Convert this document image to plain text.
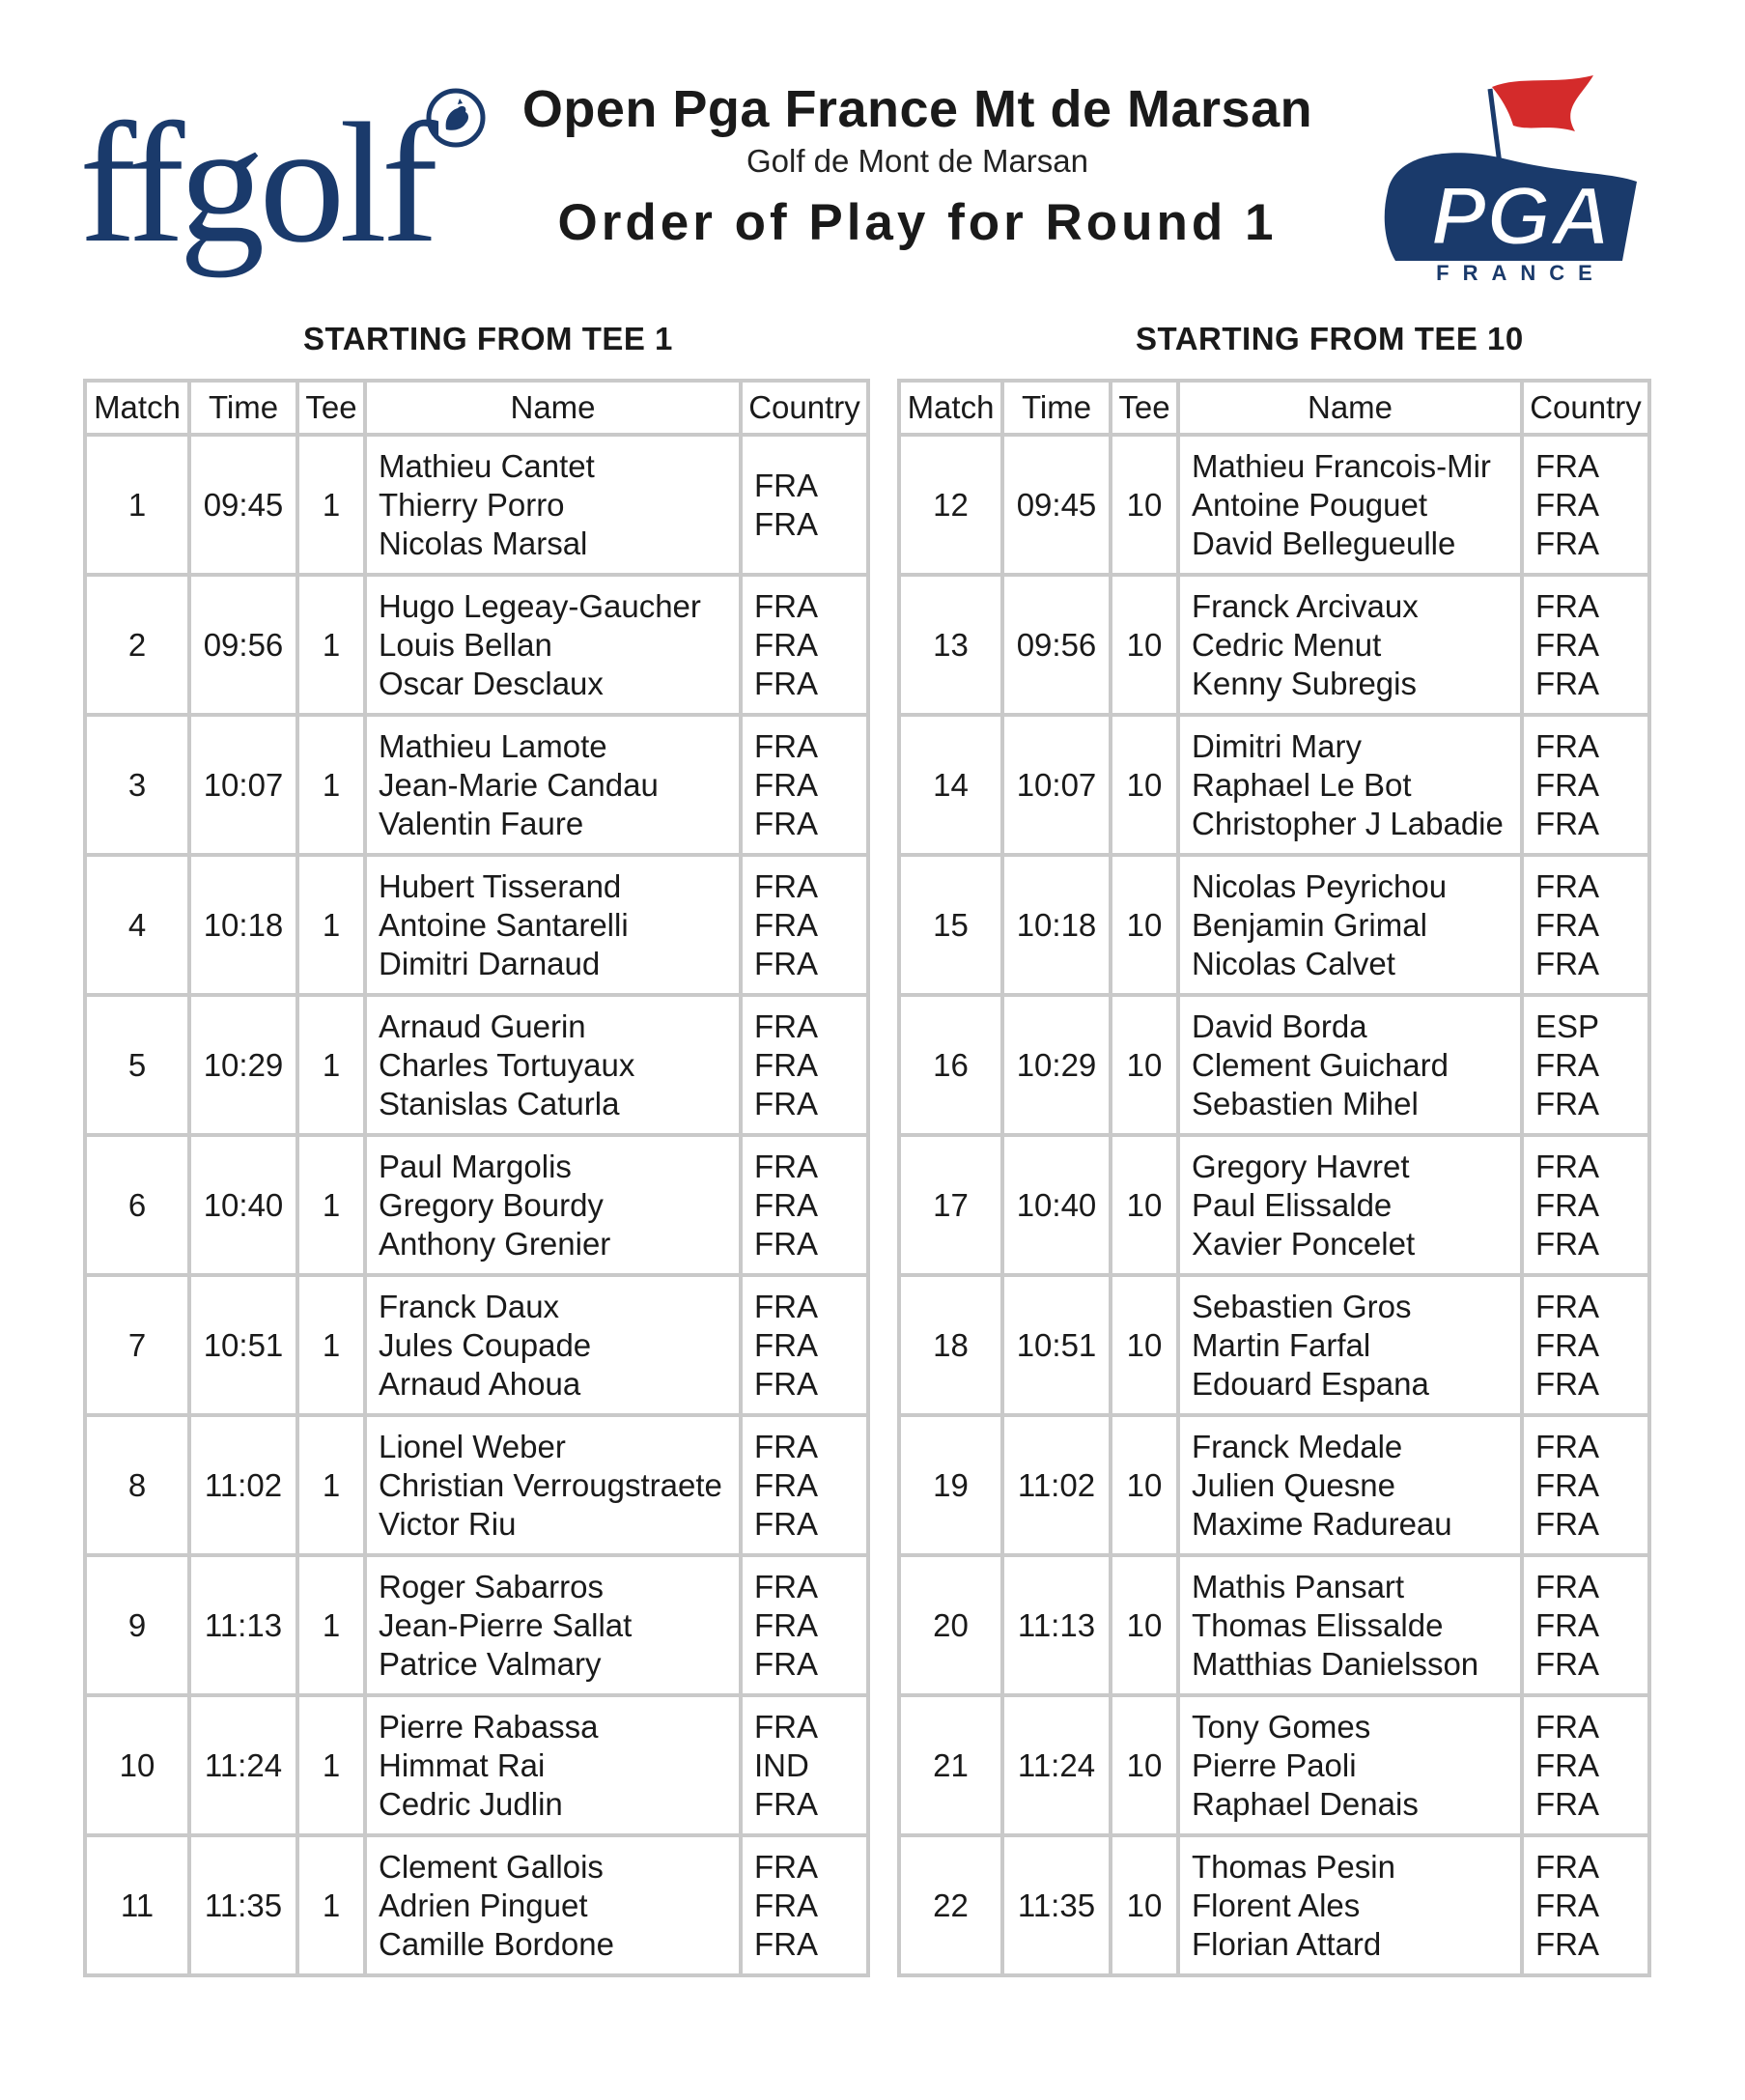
ffgolf	Open Pga France Mt de Marsan
Golf de Mont de Marsan
Order of Play for Round 1	PGA
FRANCE
STARTING FROM TEE 1	STARTING FROM TEE 10
Match	Time	Tee	Name	Country
1	09:45	1	Mathieu Cantet
Thierry Porro
Nicolas Marsal	FRA
FRA

2	09:56	1	Hugo Legeay-Gaucher
Louis Bellan
Oscar Desclaux	FRA
FRA
FRA

3	10:07	1	Mathieu Lamote
Jean-Marie Candau
Valentin Faure	FRA
FRA
FRA

4	10:18	1	Hubert Tisserand
Antoine Santarelli
Dimitri Darnaud	FRA
FRA
FRA

5	10:29	1	Arnaud Guerin
Charles Tortuyaux
Stanislas Caturla	FRA
FRA
FRA

6	10:40	1	Paul Margolis
Gregory Bourdy
Anthony Grenier	FRA
FRA
FRA

7	10:51	1	Franck Daux
Jules Coupade
Arnaud Ahoua	FRA
FRA
FRA

8	11:02	1	Lionel Weber
Christian Verrougstraete
Victor Riu	FRA
FRA
FRA

9	11:13	1	Roger Sabarros
Jean-Pierre Sallat
Patrice Valmary	FRA
FRA
FRA

10	11:24	1	Pierre Rabassa
Himmat Rai
Cedric Judlin	FRA
IND
FRA

11	11:35	1	Clement Gallois
Adrien Pinguet
Camille Bordone	FRA
FRA
FRA
Match	Time	Tee	Name	Country
12	09:45	10	Mathieu Francois-Mir
Antoine Pouguet
David Bellegueulle	FRA
FRA
FRA

13	09:56	10	Franck Arcivaux
Cedric Menut
Kenny Subregis	FRA
FRA
FRA

14	10:07	10	Dimitri Mary
Raphael Le Bot
Christopher J Labadie	FRA
FRA
FRA

15	10:18	10	Nicolas Peyrichou
Benjamin Grimal
Nicolas Calvet	FRA
FRA
FRA

16	10:29	10	David Borda
Clement Guichard
Sebastien Mihel	ESP
FRA
FRA

17	10:40	10	Gregory Havret
Paul Elissalde
Xavier Poncelet	FRA
FRA
FRA

18	10:51	10	Sebastien Gros
Martin Farfal
Edouard Espana	FRA
FRA
FRA

19	11:02	10	Franck Medale
Julien Quesne
Maxime Radureau	FRA
FRA
FRA

20	11:13	10	Mathis Pansart
Thomas Elissalde
Matthias Danielsson	FRA
FRA
FRA

21	11:24	10	Tony Gomes
Pierre Paoli
Raphael Denais	FRA
FRA
FRA

22	11:35	10	Thomas Pesin
Florent Ales
Florian Attard	FRA
FRA
FRA
